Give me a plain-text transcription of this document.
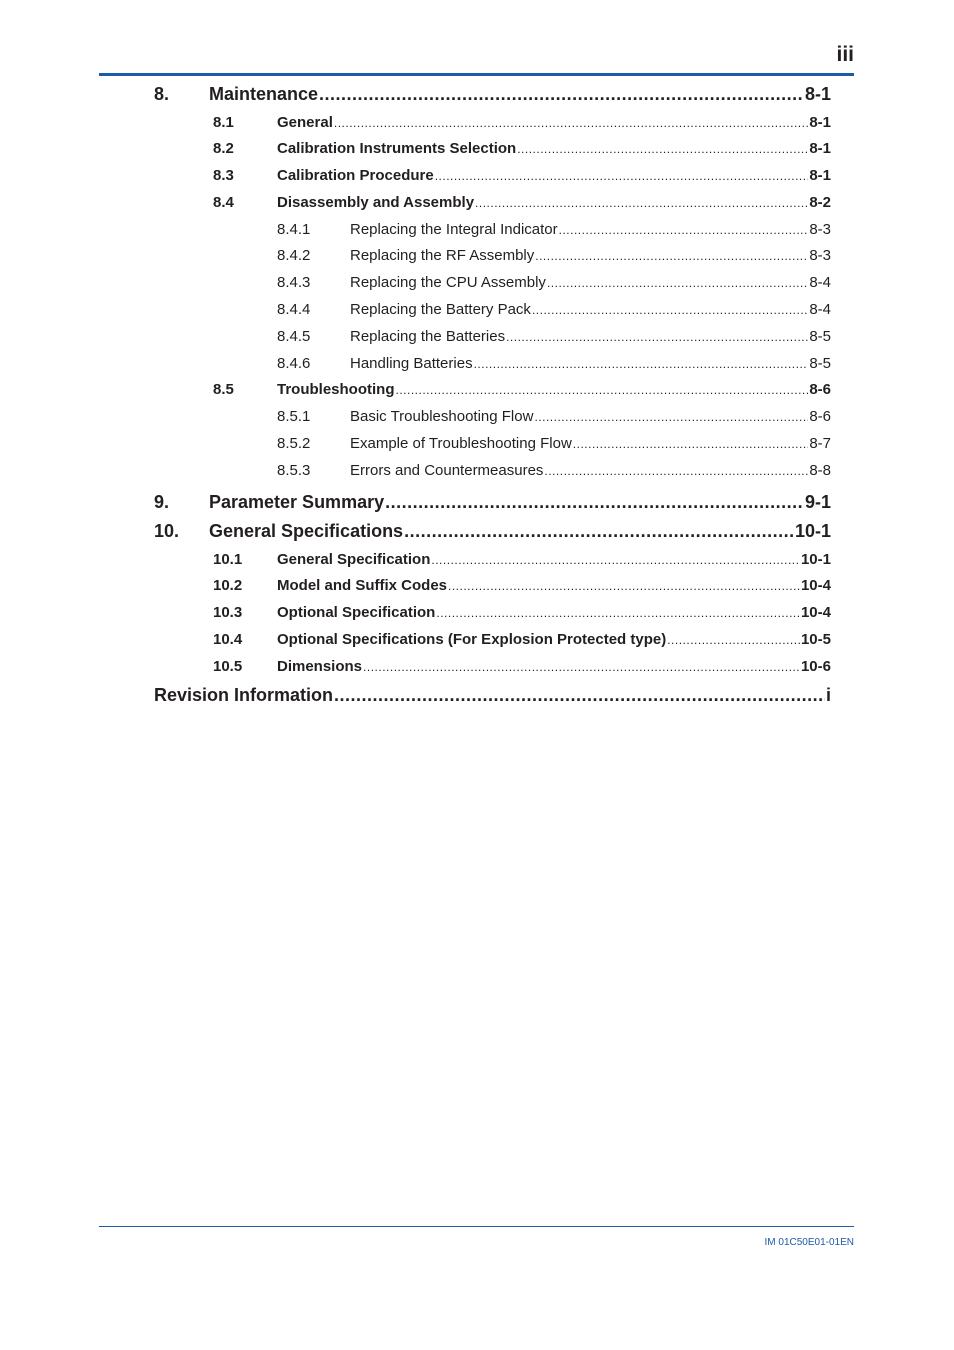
iii
8.	Maintenance .....	8-1
8.1	General .....	8-1
8.2	Calibration Instruments Selection .....	8-1
8.3	Calibration Procedure .....	8-1
8.4	Disassembly and Assembly .....	8-2
8.4.1	Replacing the Integral Indicator .....	8-3
8.4.2	Replacing the RF Assembly .....	8-3
8.4.3	Replacing the CPU Assembly .....	8-4
8.4.4	Replacing the Battery Pack .....	8-4
8.4.5	Replacing the Batteries .....	8-5
8.4.6	Handling Batteries .....	8-5
8.5	Troubleshooting .....	8-6
8.5.1	Basic Troubleshooting Flow .....	8-6
8.5.2	Example of Troubleshooting Flow .....	8-7
8.5.3	Errors and Countermeasures .....	8-8
9.	Parameter Summary .....	9-1
10.	General Specifications .....	10-1
10.1	General Specification .....	10-1
10.2	Model and Suffix Codes .....	10-4
10.3	Optional Specification .....	10-4
10.4	Optional Specifications (For Explosion Protected type) .....	10-5
10.5	Dimensions .....	10-6
Revision Information .....	i
IM 01C50E01-01EN
